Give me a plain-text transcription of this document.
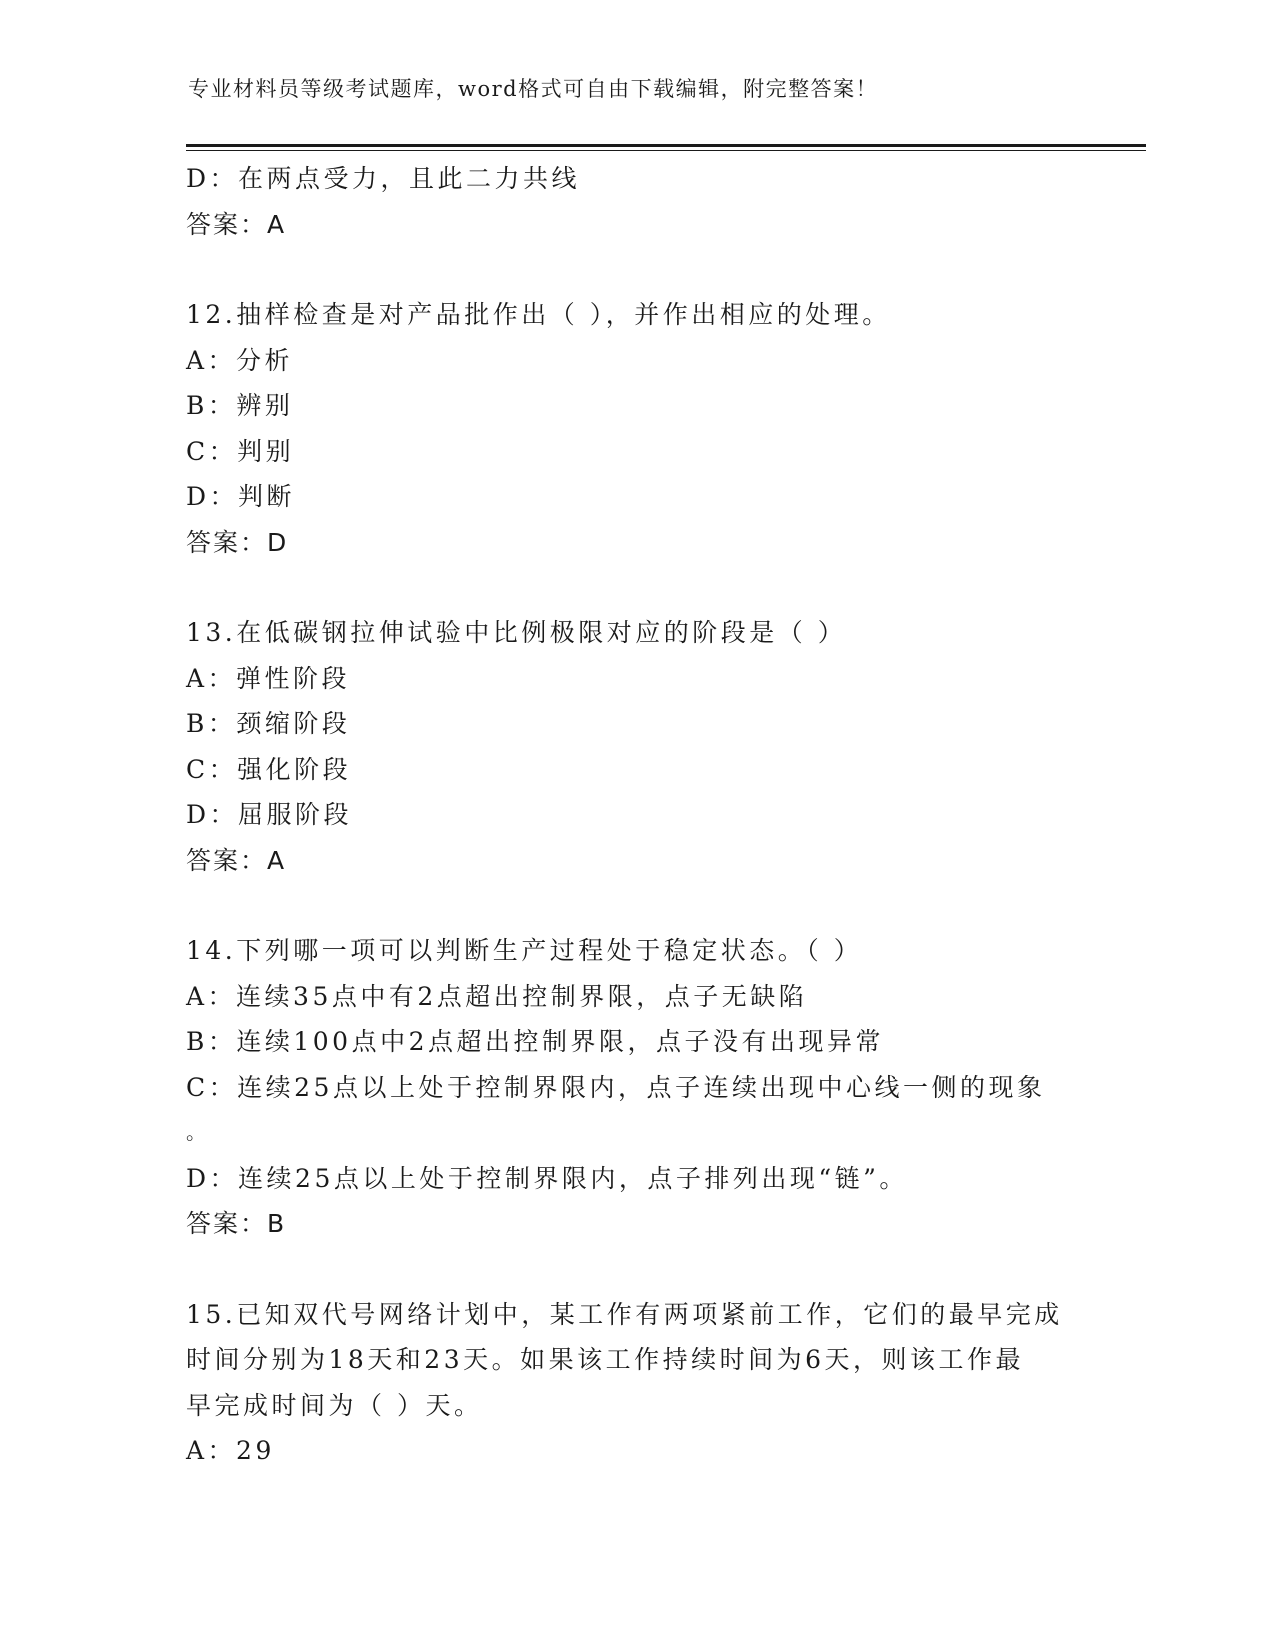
专业材料员等级考试题库，word格式可自由下载编辑，附完整答案！
D：在两点受力，且此二力共线
答案：A
12.抽样检查是对产品批作出（ ），并作出相应的处理。
A：分析
B：辨别
C：判别
D：判断
答案：D
13.在低碳钢拉伸试验中比例极限对应的阶段是（ ）
A：弹性阶段
B：颈缩阶段
C：强化阶段
D：屈服阶段
答案：A
14.下列哪一项可以判断生产过程处于稳定状态。（ ）
A：连续35点中有2点超出控制界限，点子无缺陷
B：连续100点中2点超出控制界限，点子没有出现异常
C：连续25点以上处于控制界限内，点子连续出现中心线一侧的现象
。
D：连续25点以上处于控制界限内，点子排列出现“链”。
答案：B
15.已知双代号网络计划中，某工作有两项紧前工作，它们的最早完成
时间分别为18天和23天。如果该工作持续时间为6天，则该工作最
早完成时间为（ ）天。
A：29
